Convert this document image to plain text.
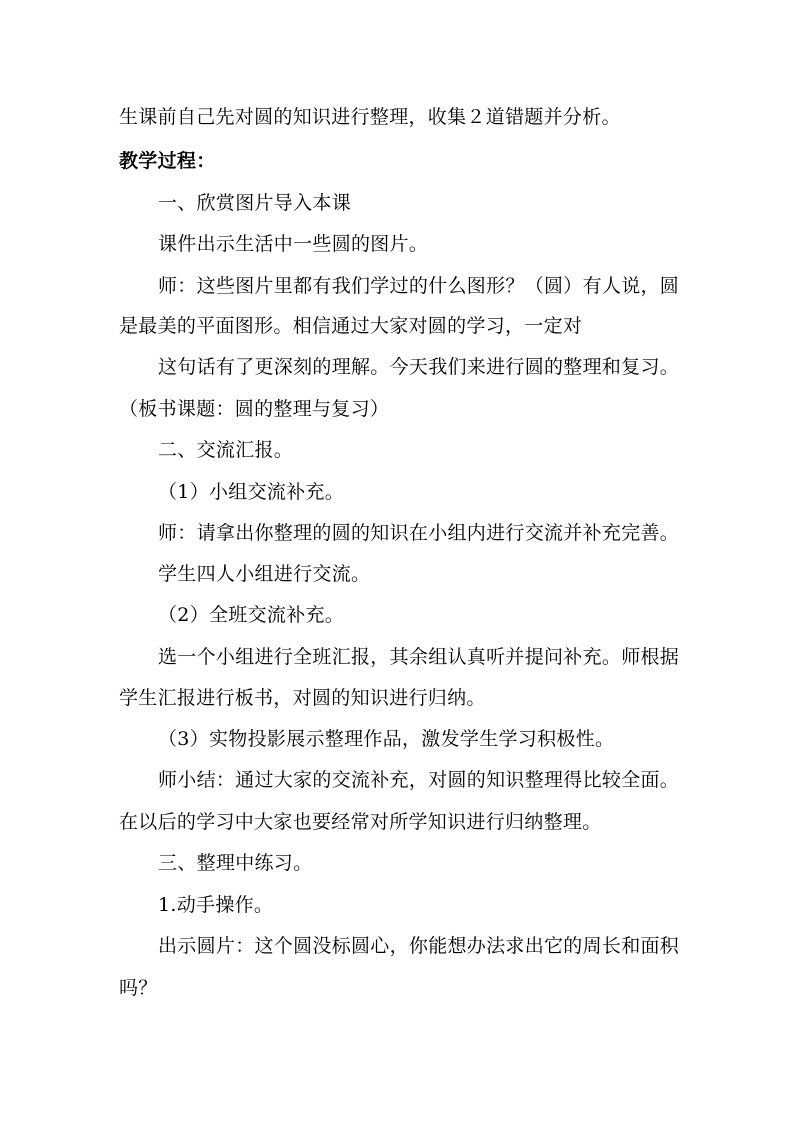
生课前自己先对圆的知识进行整理，收集２道错题并分析。
教学过程：
一、欣赏图片导入本课
课件出示生活中一些圆的图片。
师：这些图片里都有我们学过的什么图形？（圆）有人说，圆
是最美的平面图形。相信通过大家对圆的学习，一定对
这句话有了更深刻的理解。今天我们来进行圆的整理和复习。
（板书课题：圆的整理与复习）
二、交流汇报。
（1）小组交流补充。
师：请拿出你整理的圆的知识在小组内进行交流并补充完善。
学生四人小组进行交流。
（2）全班交流补充。
选一个小组进行全班汇报，其余组认真听并提问补充。师根据
学生汇报进行板书，对圆的知识进行归纳。
（3）实物投影展示整理作品，激发学生学习积极性。
师小结：通过大家的交流补充，对圆的知识整理得比较全面。
在以后的学习中大家也要经常对所学知识进行归纳整理。
三、整理中练习。
1.动手操作。
出示圆片：这个圆没标圆心，你能想办法求出它的周长和面积
吗？
